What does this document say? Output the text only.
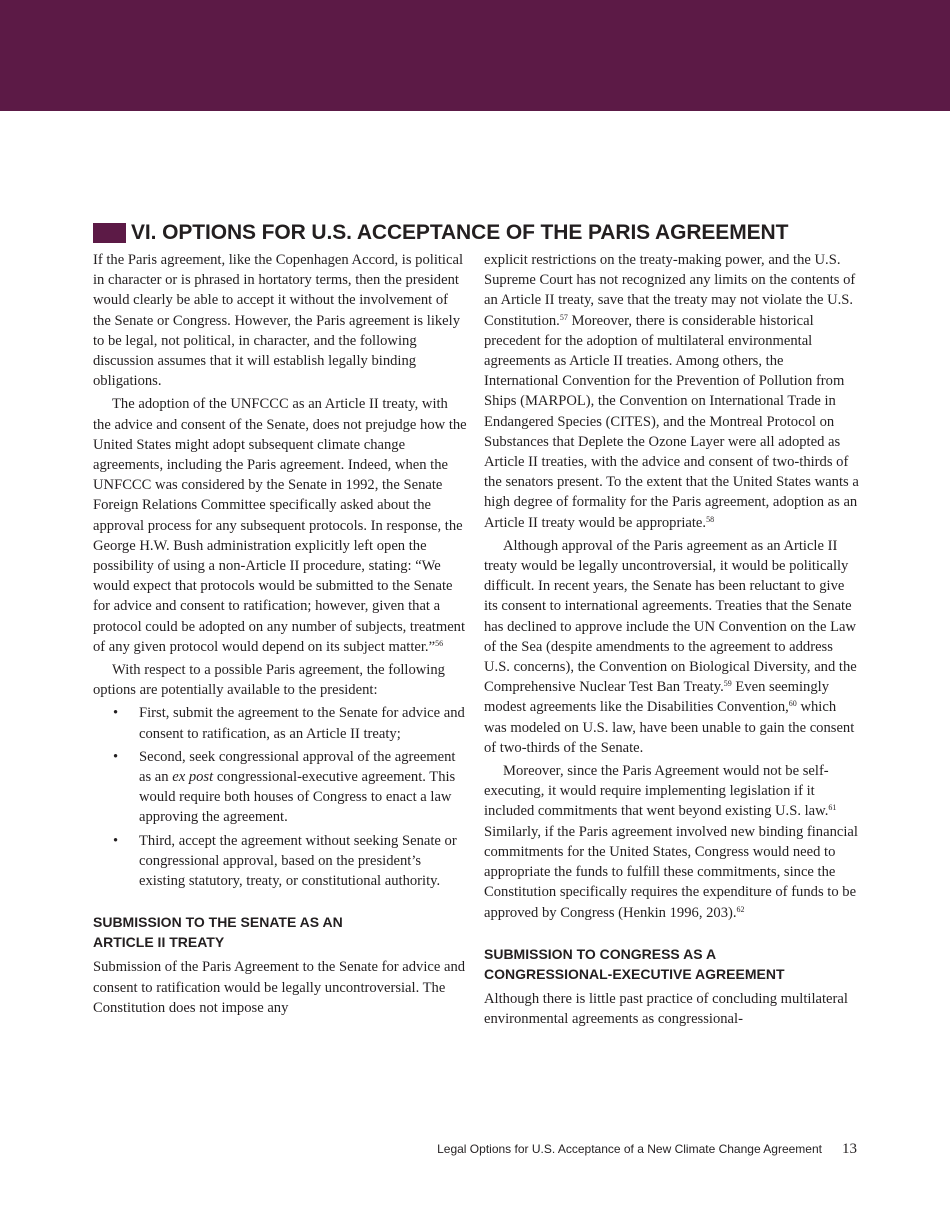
VI. OPTIONS FOR U.S. ACCEPTANCE OF THE PARIS AGREEMENT

If the Paris agreement, like the Copenhagen Accord, is political in character or is phrased in hortatory terms, then the president would clearly be able to accept it without the involvement of the Senate or Congress. However, the Paris agreement is likely to be legal, not political, in character, and the following discussion assumes that it will establish legally binding obligations.

The adoption of the UNFCCC as an Article II treaty, with the advice and consent of the Senate, does not prejudge how the United States might adopt subsequent climate change agreements, including the Paris agreement. Indeed, when the UNFCCC was considered by the Senate in 1992, the Senate Foreign Relations Committee specifically asked about the approval process for any subsequent protocols. In response, the George H.W. Bush administration explicitly left open the possibility of using a non-Article II procedure, stating: “We would expect that protocols would be submitted to the Senate for advice and consent to ratification; however, given that a protocol could be adopted on any number of subjects, treatment of any given protocol would depend on its subject matter.”$^{56}$

With respect to a possible Paris agreement, the following options are potentially available to the president:

• First, submit the agreement to the Senate for advice and consent to ratification, as an Article II treaty;
• Second, seek congressional approval of the agreement as an ex post congressional-executive agreement. This would require both houses of Congress to enact a law approving the agreement.
• Third, accept the agreement without seeking Senate or congressional approval, based on the president’s existing statutory, treaty, or constitutional authority.
SUBMISSION TO THE SENATE AS AN
ARTICLE II TREATY

Submission of the Paris Agreement to the Senate for advice and consent to ratification would be legally uncontroversial. The Constitution does not impose any

explicit restrictions on the treaty-making power, and the U.S. Supreme Court has not recognized any limits on the contents of an Article II treaty, save that the treaty may not violate the U.S. Constitution.$^{57}$ Moreover, there is considerable historical precedent for the adoption of multilateral environmental agreements as Article II treaties. Among others, the International Convention for the Prevention of Pollution from Ships (MARPOL), the Convention on International Trade in Endangered Species (CITES), and the Montreal Protocol on Substances that Deplete the Ozone Layer were all adopted as Article II treaties, with the advice and consent of two-thirds of the senators present. To the extent that the United States wants a high degree of formality for the Paris agreement, adoption as an Article II treaty would be appropriate.$^{58}$

Although approval of the Paris agreement as an Article II treaty would be legally uncontroversial, it would be politically difficult. In recent years, the Senate has been reluctant to give its consent to international agreements. Treaties that the Senate has declined to approve include the UN Convention on the Law of the Sea (despite amendments to the agreement to address U.S. concerns), the Convention on Biological Diversity, and the Comprehensive Nuclear Test Ban Treaty.$^{59}$ Even seemingly modest agreements like the Disabilities Convention,$^{60}$ which was modeled on U.S. law, have been unable to gain the consent of two-thirds of the Senate.

Moreover, since the Paris Agreement would not be self-executing, it would require implementing legislation if it included commitments that went beyond existing U.S. law.$^{61}$ Similarly, if the Paris agreement involved new binding financial commitments for the United States, Congress would need to appropriate the funds to fulfill these commitments, since the Constitution specifically requires the expenditure of funds to be approved by Congress (Henkin 1996, 203).$^{62}$

SUBMISSION TO CONGRESS AS A
CONGRESSIONAL-EXECUTIVE AGREEMENT

Although there is little past practice of concluding multilateral environmental agreements as congressional-

Legal Options for U.S. Acceptance of a New Climate Change Agreement 13
